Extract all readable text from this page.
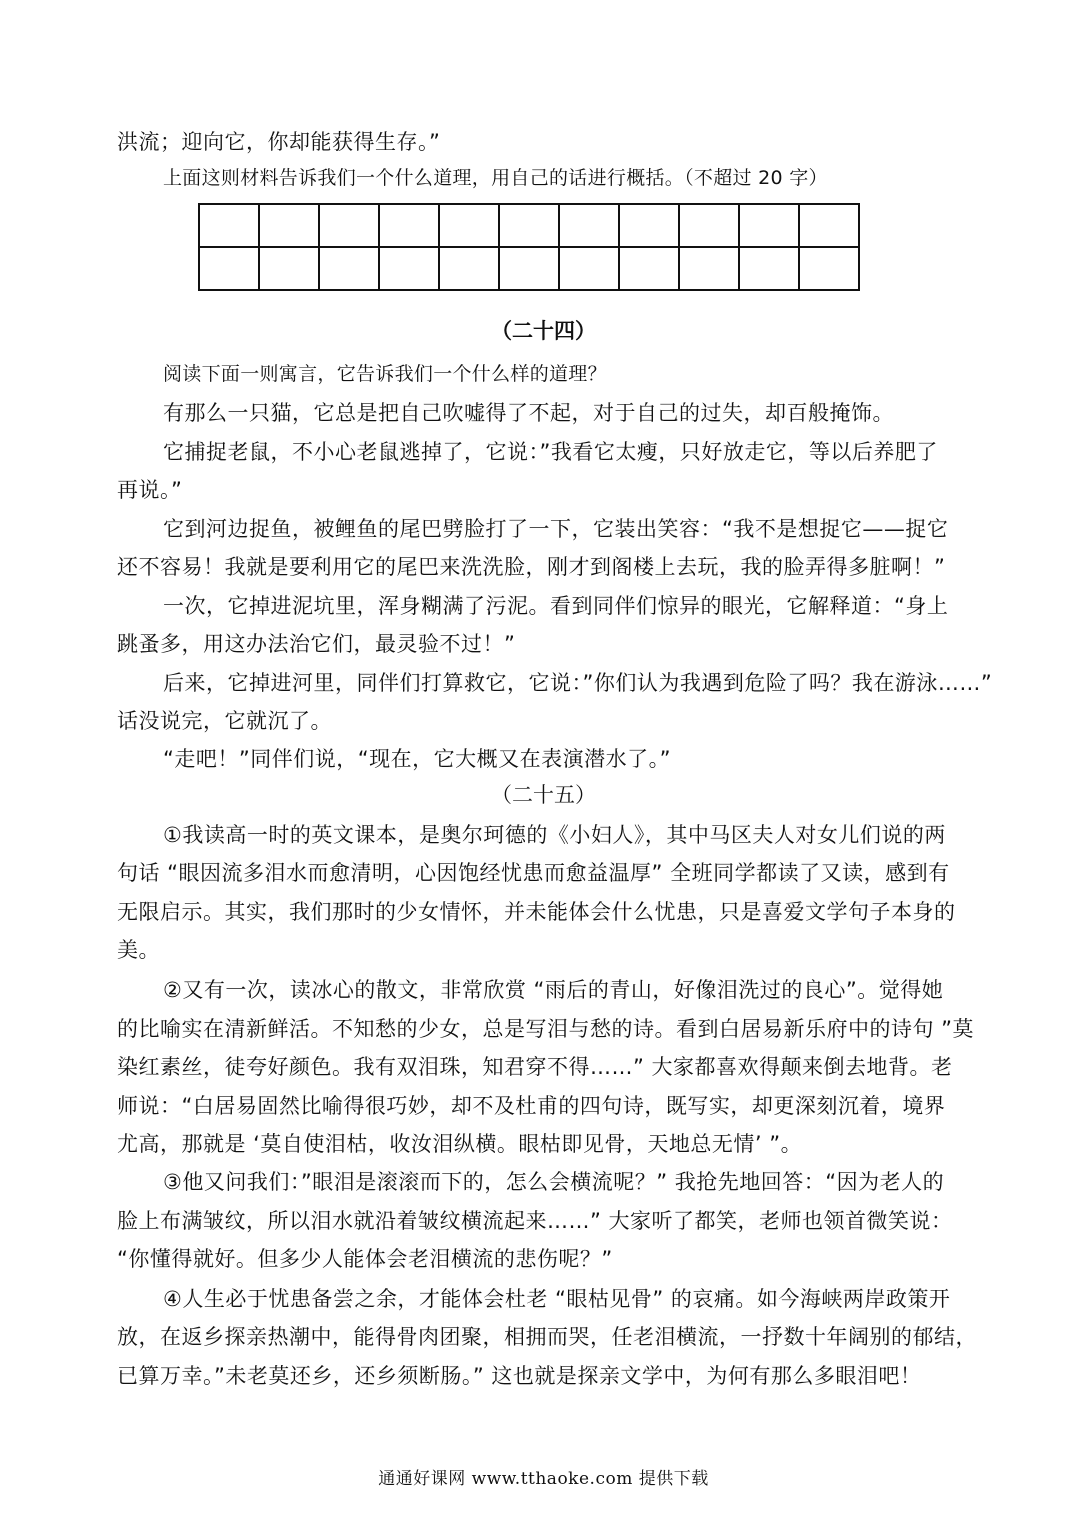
洪流；迎向它，你却能获得生存。”
上面这则材料告诉我们一个什么道理，用自己的话进行概括。（不超过 20 字）
（二十四）
阅读下面一则寓言，它告诉我们一个什么样的道理？
有那么一只猫，它总是把自己吹嘘得了不起，对于自己的过失，却百般掩饰。
它捕捉老鼠，不小心老鼠逃掉了，它说：”我看它太瘦，只好放走它，等以后养肥了
再说。”
它到河边捉鱼，被鲤鱼的尾巴劈脸打了一下，它装出笑容：“我不是想捉它——捉它
还不容易！我就是要利用它的尾巴来洗洗脸，刚才到阁楼上去玩，我的脸弄得多脏啊！”
一次，它掉进泥坑里，浑身糊满了污泥。看到同伴们惊异的眼光，它解释道：“身上
跳蚤多，用这办法治它们，最灵验不过！”
后来，它掉进河里，同伴们打算救它，它说：”你们认为我遇到危险了吗？我在游泳……”
话没说完，它就沉了。
“走吧！”同伴们说，“现在，它大概又在表演潜水了。”
（二十五）
①我读高一时的英文课本，是奥尔珂德的《小妇人》，其中马区夫人对女儿们说的两
句话 “眼因流多泪水而愈清明，心因饱经忧患而愈益温厚” 全班同学都读了又读，感到有
无限启示。其实，我们那时的少女情怀，并未能体会什么忧患，只是喜爱文学句子本身的
美。
②又有一次，读冰心的散文，非常欣赏 “雨后的青山，好像泪洗过的良心”。觉得她
的比喻实在清新鲜活。不知愁的少女，总是写泪与愁的诗。看到白居易新乐府中的诗句 ”莫
染红素丝，徒夸好颜色。我有双泪珠，知君穿不得……” 大家都喜欢得颠来倒去地背。老
师说：“白居易固然比喻得很巧妙，却不及杜甫的四句诗，既写实，却更深刻沉着，境界
尤高，那就是 ‘莫自使泪枯，收汝泪纵横。眼枯即见骨，天地总无情’ ”。
③他又问我们：”眼泪是滚滚而下的，怎么会横流呢？” 我抢先地回答：“因为老人的
脸上布满皱纹，所以泪水就沿着皱纹横流起来……” 大家听了都笑，老师也领首微笑说：
“你懂得就好。但多少人能体会老泪横流的悲伤呢？”
④人生必于忧患备尝之余，才能体会杜老 “眼枯见骨” 的哀痛。如今海峡两岸政策开
放，在返乡探亲热潮中，能得骨肉团聚，相拥而哭，任老泪横流，一抒数十年阔别的郁结，
已算万幸。”未老莫还乡，还乡须断肠。” 这也就是探亲文学中，为何有那么多眼泪吧！
通通好课网 www.tthaoke.com 提供下载
